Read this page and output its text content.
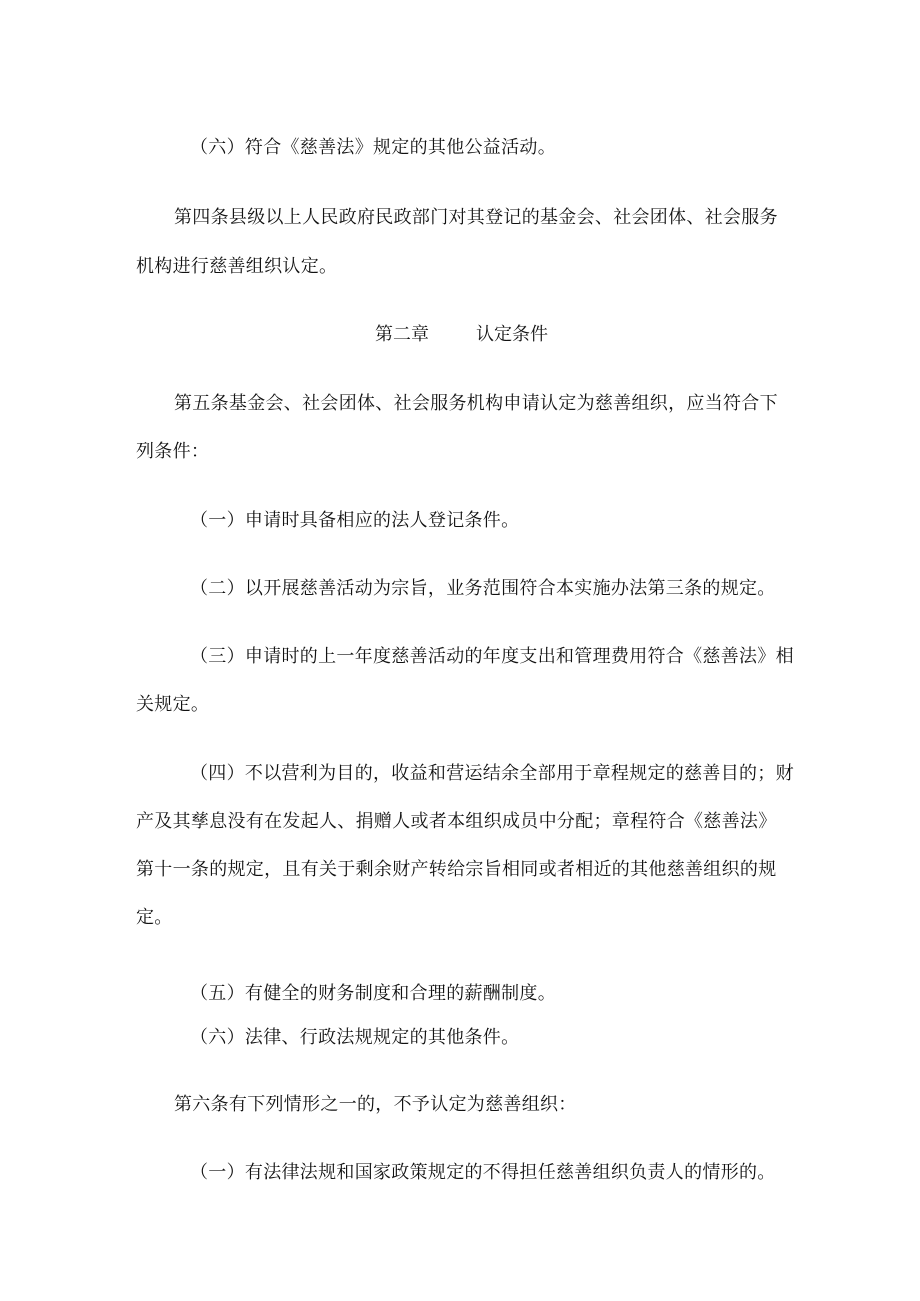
（六）符合《慈善法》规定的其他公益活动。
第四条县级以上人民政府民政部门对其登记的基金会、社会团体、社会服务
机构进行慈善组织认定。
第二章	认定条件
第五条基金会、社会团体、社会服务机构申请认定为慈善组织，应当符合下
列条件：
（一）申请时具备相应的法人登记条件。
（二）以开展慈善活动为宗旨，业务范围符合本实施办法第三条的规定。
（三）申请时的上一年度慈善活动的年度支出和管理费用符合《慈善法》相
关规定。
（四）不以营利为目的，收益和营运结余全部用于章程规定的慈善目的；财
产及其孳息没有在发起人、捐赠人或者本组织成员中分配；章程符合《慈善法》
第十一条的规定，且有关于剩余财产转给宗旨相同或者相近的其他慈善组织的规
定。
（五）有健全的财务制度和合理的薪酬制度。
（六）法律、行政法规规定的其他条件。
第六条有下列情形之一的，不予认定为慈善组织：
（一）有法律法规和国家政策规定的不得担任慈善组织负责人的情形的。
